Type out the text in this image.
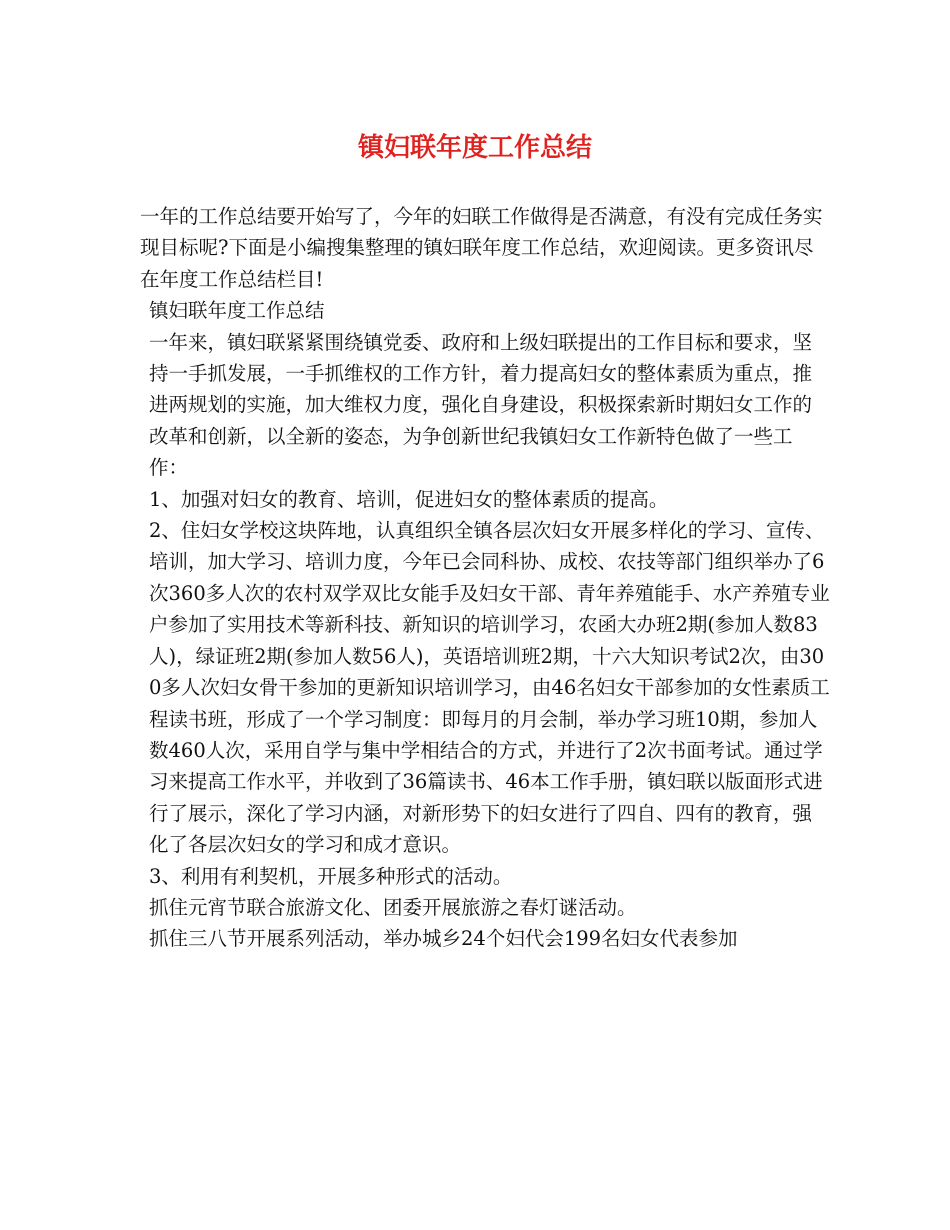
镇妇联年度工作总结

一年的工作总结要开始写了，今年的妇联工作做得是否满意，有没有完成任务实现目标呢?下面是小编搜集整理的镇妇联年度工作总结，欢迎阅读。更多资讯尽在年度工作总结栏目!

镇妇联年度工作总结

一年来，镇妇联紧紧围绕镇党委、政府和上级妇联提出的工作目标和要求，坚持一手抓发展，一手抓维权的工作方针，着力提高妇女的整体素质为重点，推进两规划的实施，加大维权力度，强化自身建设，积极探索新时期妇女工作的改革和创新，以全新的姿态，为争创新世纪我镇妇女工作新特色做了一些工作：

1、加强对妇女的教育、培训，促进妇女的整体素质的提高。

2、住妇女学校这块阵地，认真组织全镇各层次妇女开展多样化的学习、宣传、培训，加大学习、培训力度，今年已会同科协、成校、农技等部门组织举办了6次360多人次的农村双学双比女能手及妇女干部、青年养殖能手、水产养殖专业户参加了实用技术等新科技、新知识的培训学习，农函大办班2期(参加人数83人)，绿证班2期(参加人数56人)，英语培训班2期，十六大知识考试2次，由300多人次妇女骨干参加的更新知识培训学习，由46名妇女干部参加的女性素质工程读书班，形成了一个学习制度：即每月的月会制，举办学习班10期，参加人数460人次，采用自学与集中学相结合的方式，并进行了2次书面考试。通过学习来提高工作水平，并收到了36篇读书、46本工作手册，镇妇联以版面形式进行了展示，深化了学习内涵，对新形势下的妇女进行了四自、四有的教育，强化了各层次妇女的学习和成才意识。

3、利用有利契机，开展多种形式的活动。

抓住元宵节联合旅游文化、团委开展旅游之春灯谜活动。

抓住三八节开展系列活动，举办城乡24个妇代会199名妇女代表参加
